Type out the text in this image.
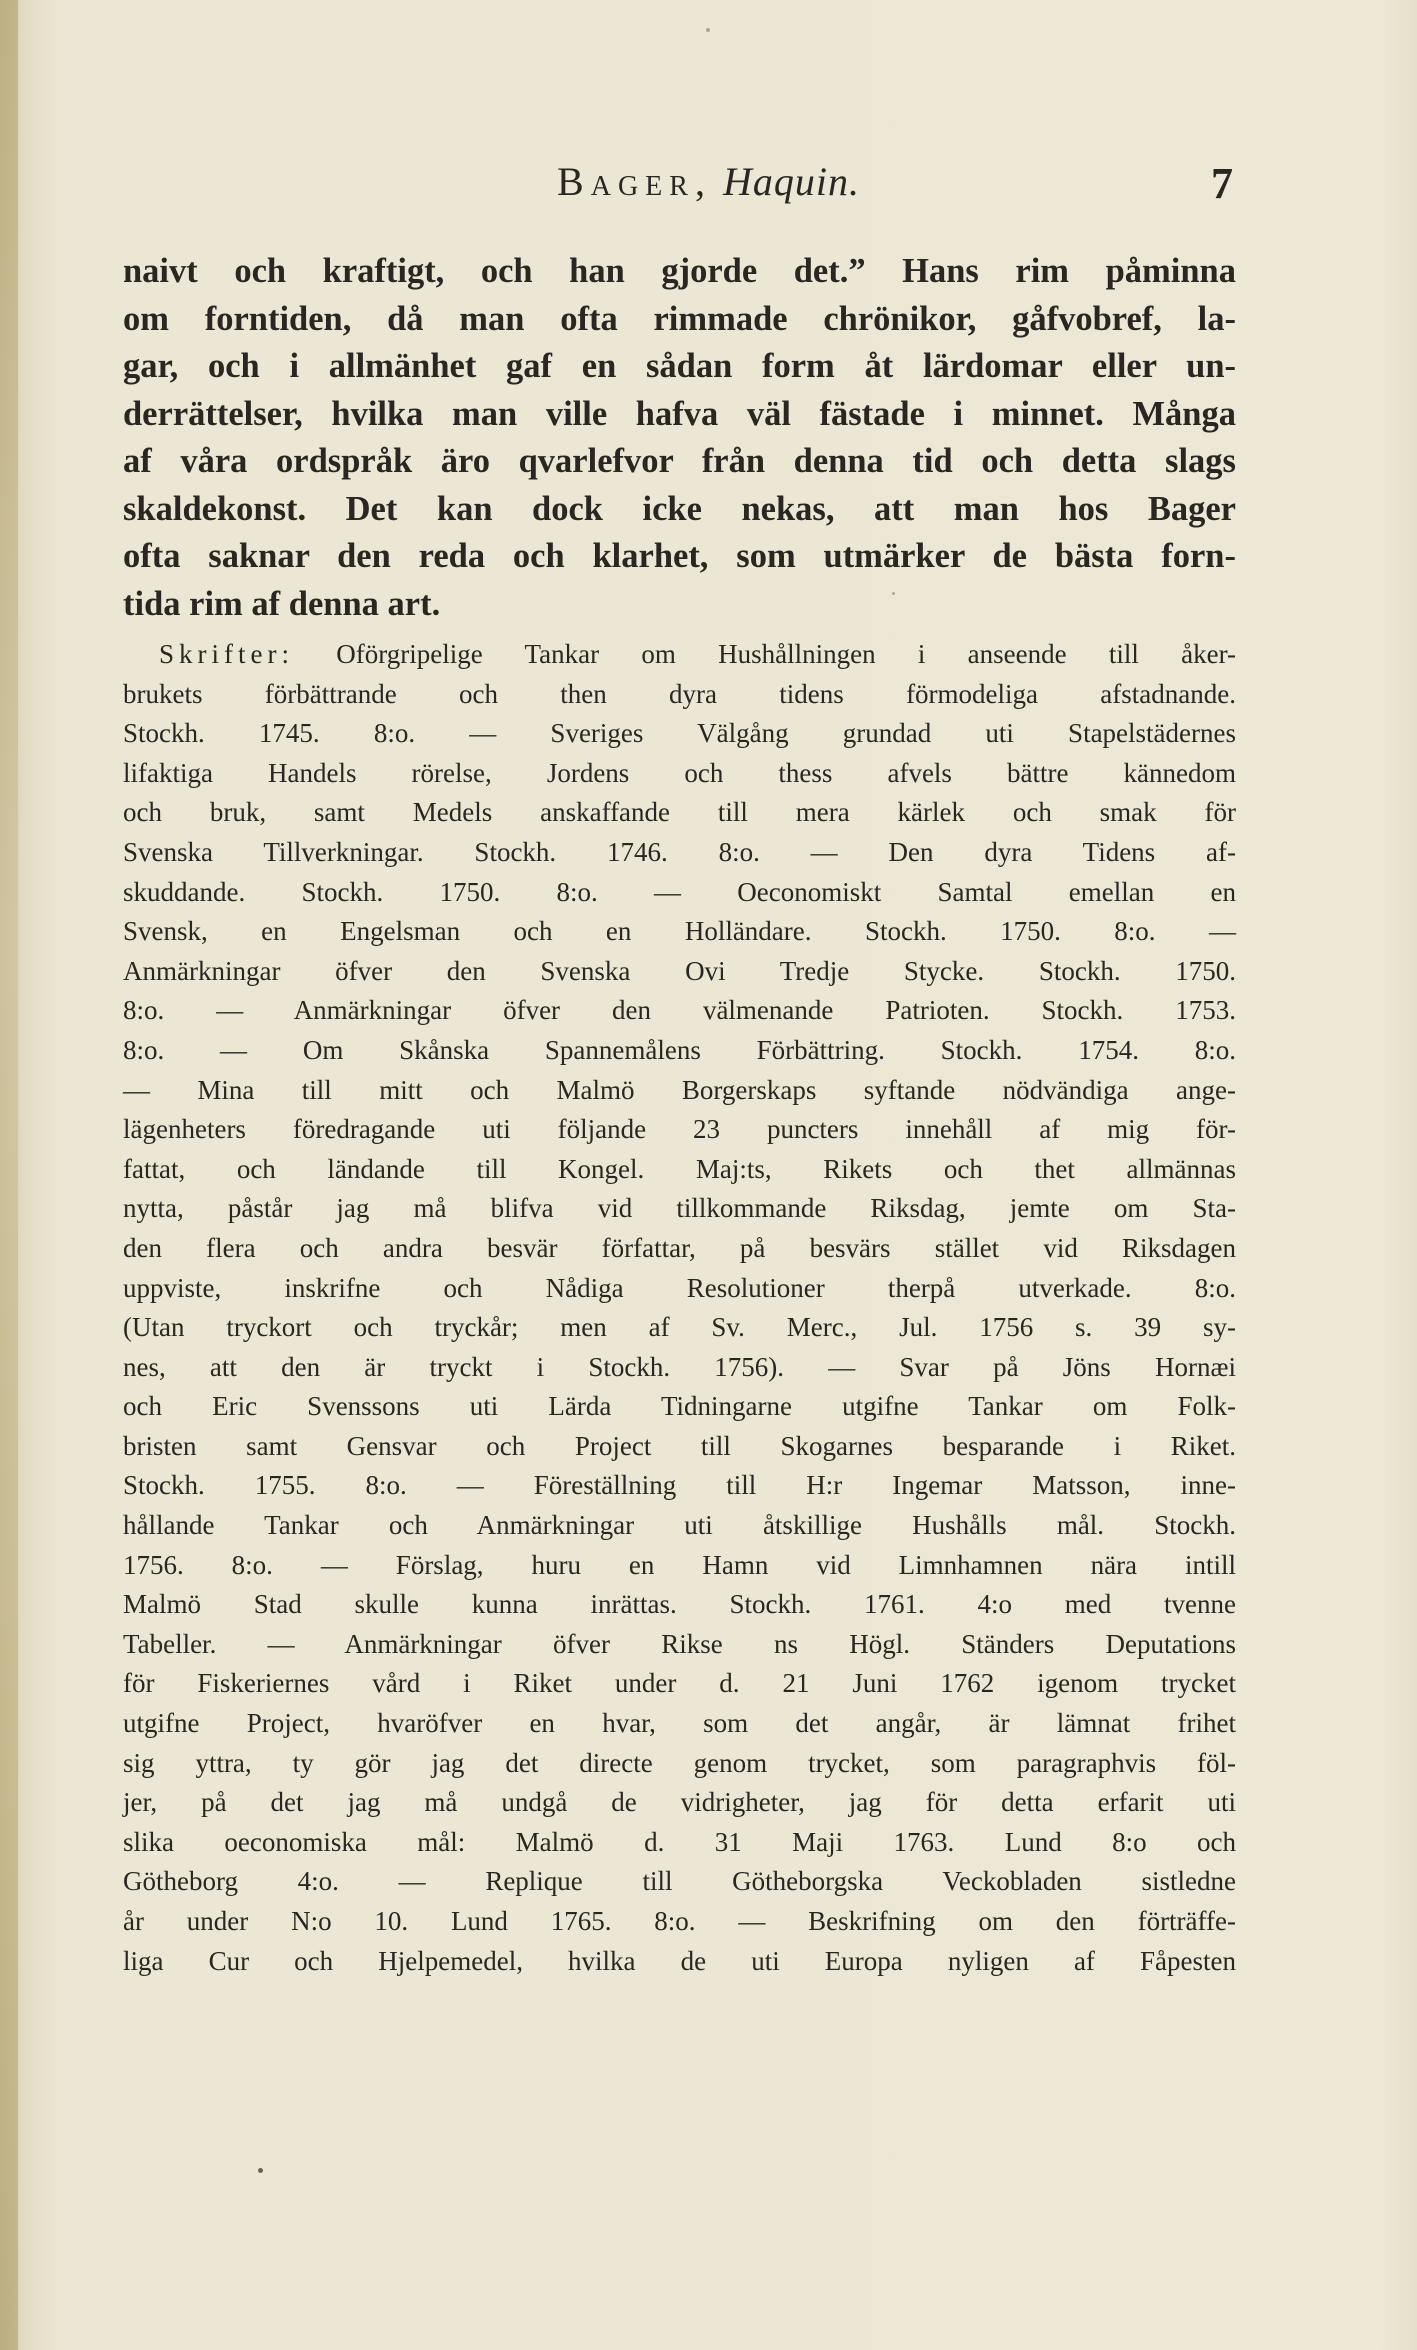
Bager, Haquin.	7
naivt och kraftigt, och han gjorde det.” Hans rim påminna
om forntiden, då man ofta rimmade chrönikor, gåfvobref, la-
gar, och i allmänhet gaf en sådan form åt lärdomar eller un-
derrättelser, hvilka man ville hafva väl fästade i minnet. Många
af våra ordspråk äro qvarlefvor från denna tid och detta slags
skaldekonst. Det kan dock icke nekas, att man hos Bager
ofta saknar den reda och klarhet, som utmärker de bästa forn-
tida rim af denna art.
Skrifter: Oförgripelige Tankar om Hushållningen i anseende till åker-
brukets förbättrande och then dyra tidens förmodeliga afstadnande.
Stockh. 1745. 8:o. — Sveriges Välgång grundad uti Stapelstädernes
lifaktiga Handels rörelse, Jordens och thess afvels bättre kännedom
och bruk, samt Medels anskaffande till mera kärlek och smak för
Svenska Tillverkningar. Stockh. 1746. 8:o. — Den dyra Tidens af-
skuddande. Stockh. 1750. 8:o. — Oeconomiskt Samtal emellan en
Svensk, en Engelsman och en Holländare. Stockh. 1750. 8:o. —
Anmärkningar öfver den Svenska Ovi Tredje Stycke. Stockh. 1750.
8:o. — Anmärkningar öfver den välmenande Patrioten. Stockh. 1753.
8:o. — Om Skånska Spannemålens Förbättring. Stockh. 1754. 8:o.
— Mina till mitt och Malmö Borgerskaps syftande nödvändiga ange-
lägenheters föredragande uti följande 23 puncters innehåll af mig för-
fattat, och ländande till Kongel. Maj:ts, Rikets och thet allmännas
nytta, påstår jag må blifva vid tillkommande Riksdag, jemte om Sta-
den flera och andra besvär författar, på besvärs stället vid Riksdagen
uppviste, inskrifne och Nådiga Resolutioner therpå utverkade. 8:o.
(Utan tryckort och tryckår; men af Sv. Merc., Jul. 1756 s. 39 sy-
nes, att den är tryckt i Stockh. 1756). — Svar på Jöns Hornæi
och Eric Svenssons uti Lärda Tidningarne utgifne Tankar om Folk-
bristen samt Gensvar och Project till Skogarnes besparande i Riket.
Stockh. 1755. 8:o. — Föreställning till H:r Ingemar Matsson, inne-
hållande Tankar och Anmärkningar uti åtskillige Hushålls mål. Stockh.
1756. 8:o. — Förslag, huru en Hamn vid Limnhamnen nära intill
Malmö Stad skulle kunna inrättas. Stockh. 1761. 4:o med tvenne
Tabeller. — Anmärkningar öfver Rikse ns Högl. Ständers Deputations
för Fiskeriernes vård i Riket under d. 21 Juni 1762 igenom trycket
utgifne Project, hvaröfver en hvar, som det angår, är lämnat frihet
sig yttra, ty gör jag det directe genom trycket, som paragraphvis föl-
jer, på det jag må undgå de vidrigheter, jag för detta erfarit uti
slika oeconomiska mål: Malmö d. 31 Maji 1763. Lund 8:o och
Götheborg 4:o. — Replique till Götheborgska Veckobladen sistledne
år under N:o 10. Lund 1765. 8:o. — Beskrifning om den förträffe-
liga Cur och Hjelpemedel, hvilka de uti Europa nyligen af Fåpesten
